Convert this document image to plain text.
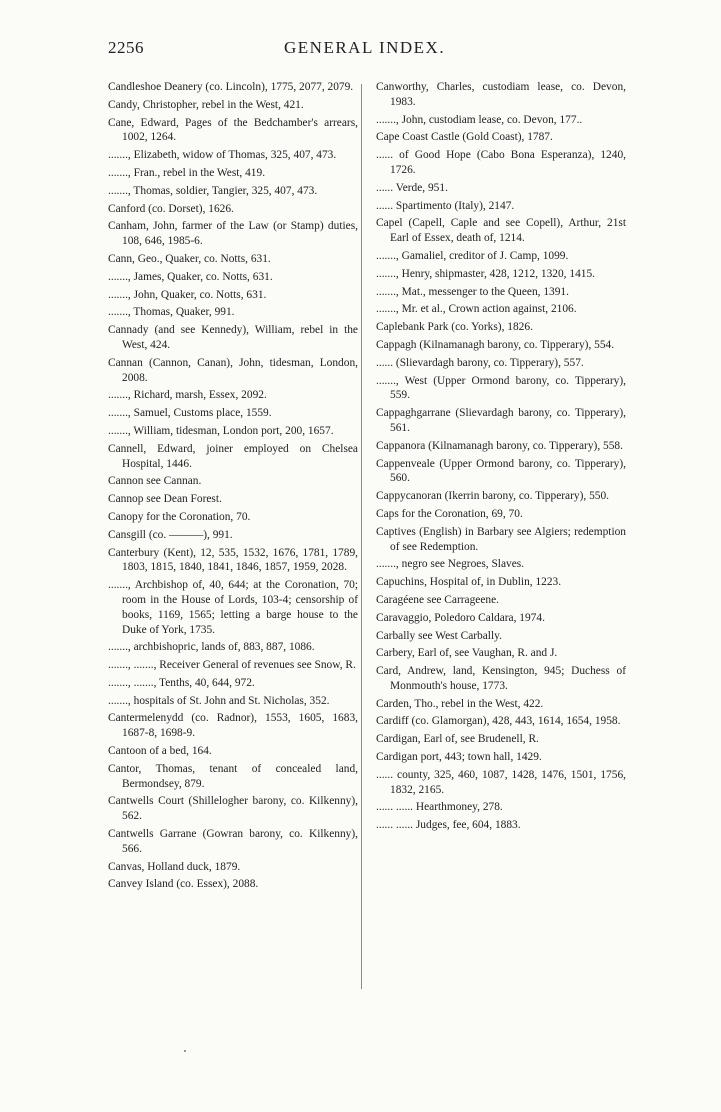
2256	GENERAL INDEX.

Candleshoe Deanery (co. Lincoln), 1775, 2077, 2079.

Candy, Christopher, rebel in the West, 421.

Cane, Edward, Pages of the Bedchamber's arrears, 1002, 1264.

......., Elizabeth, widow of Thomas, 325, 407, 473.

......., Fran., rebel in the West, 419.

......., Thomas, soldier, Tangier, 325, 407, 473.

Canford (co. Dorset), 1626.

Canham, John, farmer of the Law (or Stamp) duties, 108, 646, 1985-6.

Cann, Geo., Quaker, co. Notts, 631.

......., James, Quaker, co. Notts, 631.

......., John, Quaker, co. Notts, 631.

......., Thomas, Quaker, 991.

Cannady (and see Kennedy), William, rebel in the West, 424.

Cannan (Cannon, Canan), John, tidesman, London, 2008.

......., Richard, marsh, Essex, 2092.

......., Samuel, Customs place, 1559.

......., William, tidesman, London port, 200, 1657.

Cannell, Edward, joiner employed on Chelsea Hospital, 1446.

Cannon see Cannan.

Cannop see Dean Forest.

Canopy for the Coronation, 70.

Cansgill (co. ———), 991.

Canterbury (Kent), 12, 535, 1532, 1676, 1781, 1789, 1803, 1815, 1840, 1841, 1846, 1857, 1959, 2028.

......., Archbishop of, 40, 644; at the Coronation, 70; room in the House of Lords, 103-4; censorship of books, 1169, 1565; letting a barge house to the Duke of York, 1735.

......., archbishopric, lands of, 883, 887, 1086.

......., ......., Receiver General of revenues see Snow, R.

......., ......., Tenths, 40, 644, 972.

......., hospitals of St. John and St. Nicholas, 352.

Cantermelenydd (co. Radnor), 1553, 1605, 1683, 1687-8, 1698-9.

Cantoon of a bed, 164.

Cantor, Thomas, tenant of concealed land, Bermondsey, 879.

Cantwells Court (Shillelogher barony, co. Kilkenny), 562.

Cantwells Garrane (Gowran barony, co. Kilkenny), 566.

Canvas, Holland duck, 1879.

Canvey Island (co. Essex), 2088.

Canworthy, Charles, custodiam lease, co. Devon, 1983.

......., John, custodiam lease, co. Devon, 177..

Cape Coast Castle (Gold Coast), 1787.

...... of Good Hope (Cabo Bona Esperanza), 1240, 1726.

...... Verde, 951.

...... Spartimento (Italy), 2147.

Capel (Capell, Caple and see Copell), Arthur, 21st Earl of Essex, death of, 1214.

......., Gamaliel, creditor of J. Camp, 1099.

......., Henry, shipmaster, 428, 1212, 1320, 1415.

......., Mat., messenger to the Queen, 1391.

......., Mr. et al., Crown action against, 2106.

Caplebank Park (co. Yorks), 1826.

Cappagh (Kilnamanagh barony, co. Tipperary), 554.

...... (Slievardagh barony, co. Tipperary), 557.

......., West (Upper Ormond barony, co. Tipperary), 559.

Cappaghgarrane (Slievardagh barony, co. Tipperary), 561.

Cappanora (Kilnamanagh barony, co. Tipperary), 558.

Cappenveale (Upper Ormond barony, co. Tipperary), 560.

Cappycanoran (Ikerrin barony, co. Tipperary), 550.

Caps for the Coronation, 69, 70.

Captives (English) in Barbary see Algiers; redemption of see Redemption.

......., negro see Negroes, Slaves.

Capuchins, Hospital of, in Dublin, 1223.

Caragéene see Carrageene.

Caravaggio, Poledoro Caldara, 1974.

Carbally see West Carbally.

Carbery, Earl of, see Vaughan, R. and J.

Card, Andrew, land, Kensington, 945; Duchess of Monmouth's house, 1773.

Carden, Tho., rebel in the West, 422.

Cardiff (co. Glamorgan), 428, 443, 1614, 1654, 1958.

Cardigan, Earl of, see Brudenell, R.

Cardigan port, 443; town hall, 1429.

...... county, 325, 460, 1087, 1428, 1476, 1501, 1756, 1832, 2165.

...... ...... Hearthmoney, 278.

...... ...... Judges, fee, 604, 1883.
